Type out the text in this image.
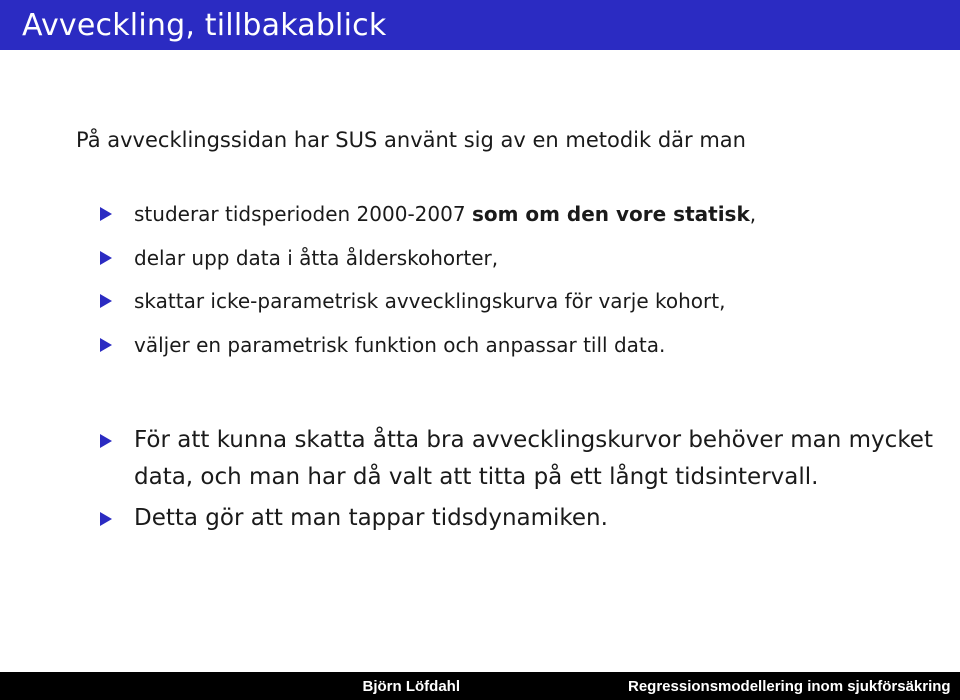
Avveckling, tillbakablick
På avvecklingssidan har SUS använt sig av en metodik där man
studerar tidsperioden 2000-2007 som om den vore statisk,
delar upp data i åtta ålderskohorter,
skattar icke-parametrisk avvecklingskurva för varje kohort,
väljer en parametrisk funktion och anpassar till data.
För att kunna skatta åtta bra avvecklingskurvor behöver man mycket data, och man har då valt att titta på ett långt tidsintervall.
Detta gör att man tappar tidsdynamiken.
Björn Löfdahl	Regressionsmodellering inom sjukförsäkring
